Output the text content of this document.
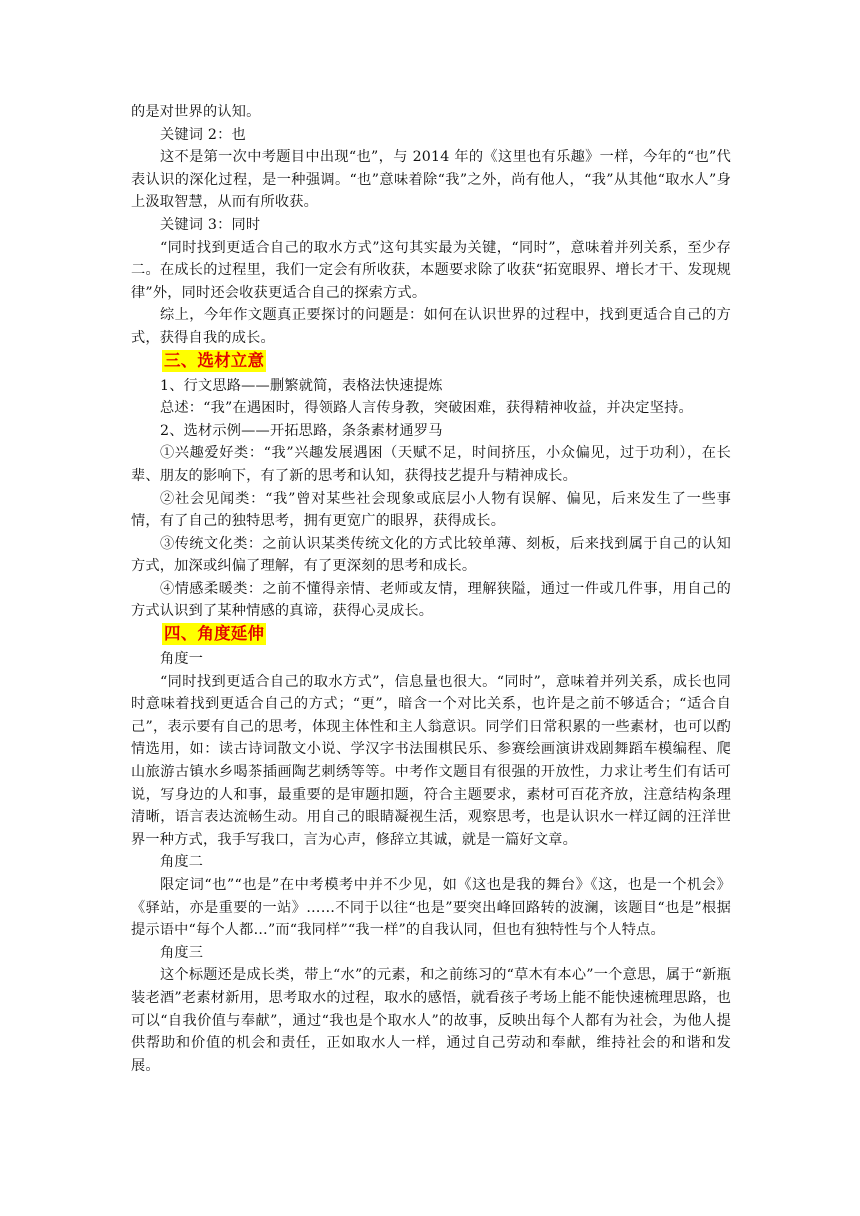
的是对世界的认知。

关键词 2：也

这不是第一次中考题目中出现“也”，与 2014 年的《这里也有乐趣》一样，今年的“也”代表认识的深化过程，是一种强调。“也”意味着除“我”之外，尚有他人，“我”从其他“取水人”身上汲取智慧，从而有所收获。

关键词 3：同时

“同时找到更适合自己的取水方式”这句其实最为关键，“同时”，意味着并列关系，至少存二。在成长的过程里，我们一定会有所收获，本题要求除了收获“拓宽眼界、增长才干、发现规律”外，同时还会收获更适合自己的探索方式。

综上，今年作文题真正要探讨的问题是：如何在认识世界的过程中，找到更适合自己的方式，获得自我的成长。

三、选材立意

1、行文思路——删繁就简，表格法快速提炼

总述：“我”在遇困时，得领路人言传身教，突破困难，获得精神收益，并决定坚持。

2、选材示例——开拓思路，条条素材通罗马

①兴趣爱好类：“我”兴趣发展遇困（天赋不足，时间挤压，小众偏见，过于功利），在长辈、朋友的影响下，有了新的思考和认知，获得技艺提升与精神成长。

②社会见闻类：“我”曾对某些社会现象或底层小人物有误解、偏见，后来发生了一些事情，有了自己的独特思考，拥有更宽广的眼界，获得成长。

③传统文化类：之前认识某类传统文化的方式比较单薄、刻板，后来找到属于自己的认知方式，加深或纠偏了理解，有了更深刻的思考和成长。

④情感柔暖类：之前不懂得亲情、老师或友情，理解狭隘，通过一件或几件事，用自己的方式认识到了某种情感的真谛，获得心灵成长。

四、角度延伸

角度一

“同时找到更适合自己的取水方式”，信息量也很大。“同时”，意味着并列关系，成长也同时意味着找到更适合自己的方式；“更”，暗含一个对比关系，也许是之前不够适合；“适合自己”，表示要有自己的思考，体现主体性和主人翁意识。同学们日常积累的一些素材，也可以酌情选用，如：读古诗词散文小说、学汉字书法围棋民乐、参赛绘画演讲戏剧舞蹈车模编程、爬山旅游古镇水乡喝茶插画陶艺刺绣等等。中考作文题目有很强的开放性，力求让考生们有话可说，写身边的人和事，最重要的是审题扣题，符合主题要求，素材可百花齐放，注意结构条理清晰，语言表达流畅生动。用自己的眼睛凝视生活，观察思考，也是认识水一样辽阔的汪洋世界一种方式，我手写我口，言为心声，修辞立其诚，就是一篇好文章。

角度二

限定词“也”“也是”在中考模考中并不少见，如《这也是我的舞台》《这，也是一个机会》《驿站，亦是重要的一站》……不同于以往“也是”要突出峰回路转的波澜，该题目“也是”根据提示语中“每个人都…”而“我同样”“我一样”的自我认同，但也有独特性与个人特点。

角度三

这个标题还是成长类，带上“水”的元素，和之前练习的“草木有本心”一个意思，属于“新瓶装老酒”老素材新用，思考取水的过程，取水的感悟，就看孩子考场上能不能快速梳理思路，也可以“自我价值与奉献”，通过“我也是个取水人”的故事，反映出每个人都有为社会，为他人提供帮助和价值的机会和责任，正如取水人一样，通过自己劳动和奉献，维持社会的和谐和发展。
